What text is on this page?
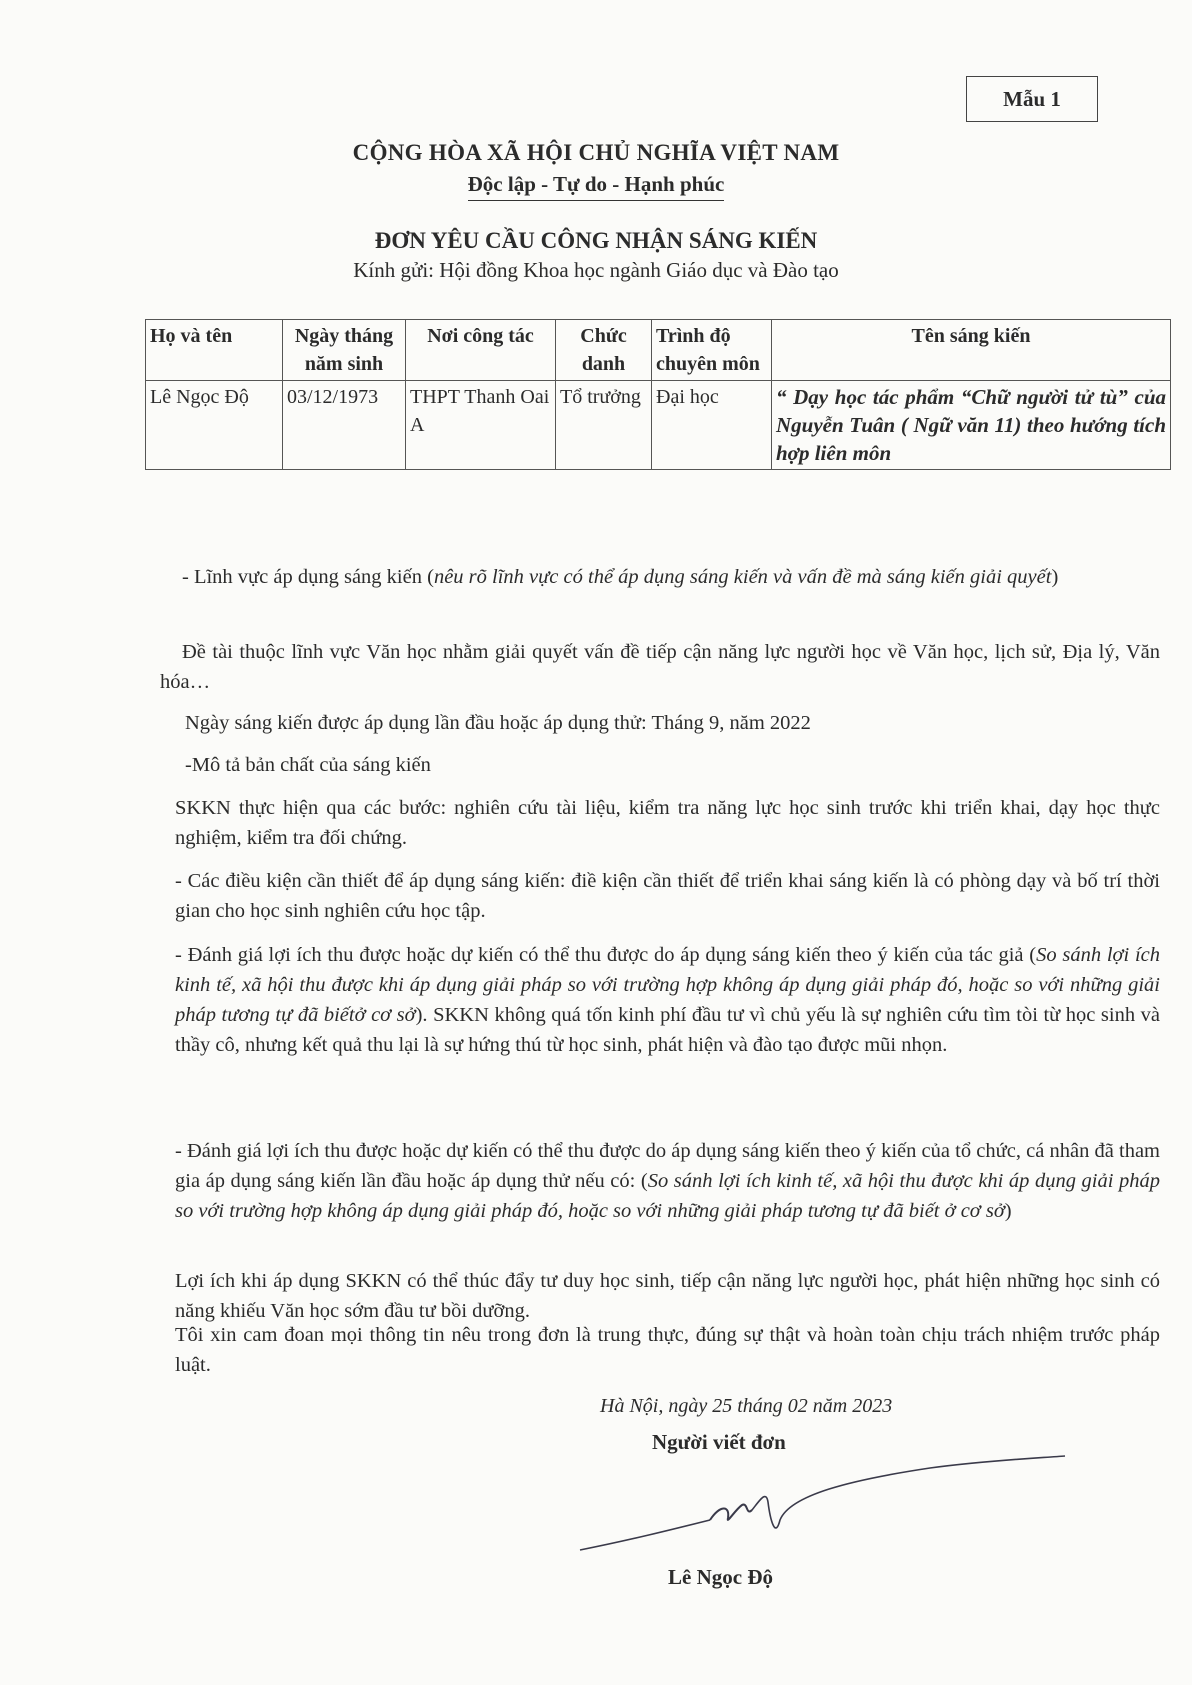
Mẫu 1
CỘNG HÒA XÃ HỘI CHỦ NGHĨA VIỆT NAM
Độc lập - Tự do - Hạnh phúc
ĐƠN YÊU CẦU CÔNG NHẬN SÁNG KIẾN
Kính gửi: Hội đồng Khoa học ngành Giáo dục và Đào tạo
Họ và tên	Ngày tháng năm sinh	Nơi công tác	Chức danh	Trình độ chuyên môn	Tên sáng kiến
Lê Ngọc Độ	03/12/1973	THPT Thanh Oai A	Tổ trưởng	Đại học	“ Dạy học tác phẩm “Chữ người tử tù” của Nguyễn Tuân ( Ngữ văn 11) theo hướng tích hợp liên môn

- Lĩnh vực áp dụng sáng kiến (nêu rõ lĩnh vực có thể áp dụng sáng kiến và vấn đề mà sáng kiến giải quyết)

Đề tài thuộc lĩnh vực Văn học nhằm giải quyết vấn đề tiếp cận năng lực người học về Văn học, lịch sử, Địa lý, Văn hóa…

Ngày sáng kiến được áp dụng lần đầu hoặc áp dụng thử: Tháng 9, năm 2022
-Mô tả bản chất của sáng kiến

SKKN thực hiện qua các bước: nghiên cứu tài liệu, kiểm tra năng lực học sinh trước khi triển khai, dạy học thực nghiệm, kiểm tra đối chứng.

- Các điều kiện cần thiết để áp dụng sáng kiến: điề kiện cần thiết để triển khai sáng kiến là có phòng dạy và bố trí thời gian cho học sinh nghiên cứu học tập.

- Đánh giá lợi ích thu được hoặc dự kiến có thể thu được do áp dụng sáng kiến theo ý kiến của tác giả (So sánh lợi ích kinh tế, xã hội thu được khi áp dụng giải pháp so với trường hợp không áp dụng giải pháp đó, hoặc so với những giải pháp tương tự đã biếtở cơ sở). SKKN không quá tốn kinh phí đầu tư vì chủ yếu là sự nghiên cứu tìm tòi từ học sinh và thầy cô, nhưng kết quả thu lại là sự hứng thú từ học sinh, phát hiện và đào tạo được mũi nhọn.

- Đánh giá lợi ích thu được hoặc dự kiến có thể thu được do áp dụng sáng kiến theo ý kiến của tổ chức, cá nhân đã tham gia áp dụng sáng kiến lần đầu hoặc áp dụng thử nếu có: (So sánh lợi ích kinh tế, xã hội thu được khi áp dụng giải pháp so với trường hợp không áp dụng giải pháp đó, hoặc so với những giải pháp tương tự đã biết ở cơ sở)

Lợi ích khi áp dụng SKKN có thể thúc đẩy tư duy học sinh, tiếp cận năng lực người học, phát hiện những học sinh có năng khiếu Văn học sớm đầu tư bồi dưỡng.

Tôi xin cam đoan mọi thông tin nêu trong đơn là trung thực, đúng sự thật và hoàn toàn chịu trách nhiệm trước pháp luật.

Hà Nội, ngày 25 tháng 02 năm 2023
Người viết đơn
Lê Ngọc Độ
